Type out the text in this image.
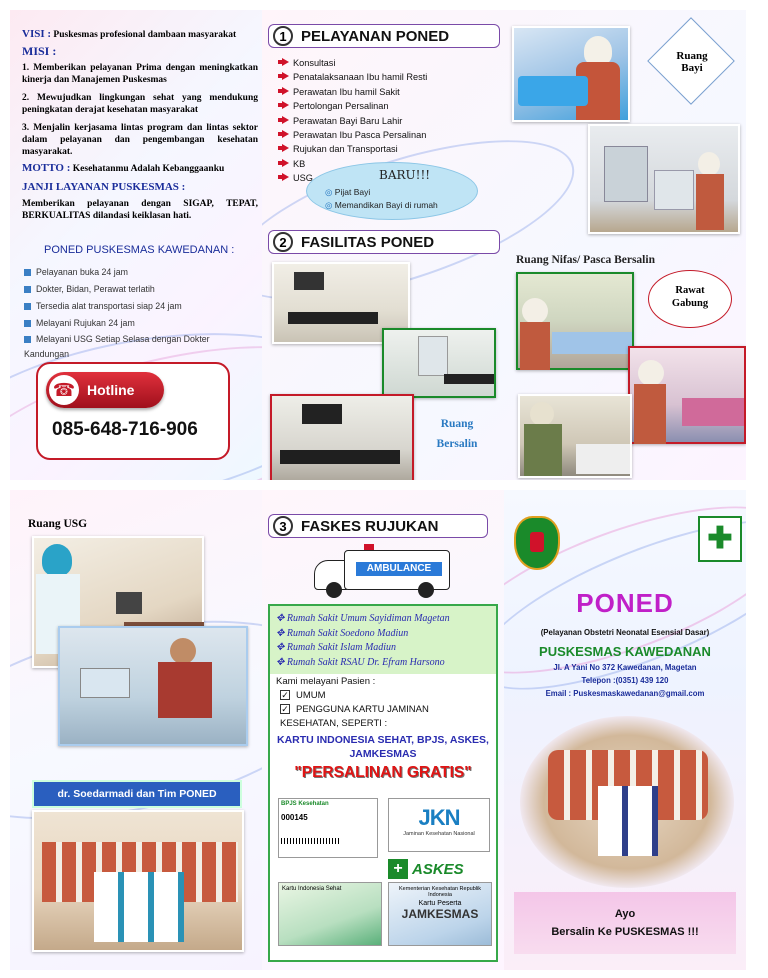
VISI : Puskesmas profesional dambaan masyarakat
MISI :

1. Memberikan pelayanan Prima dengan meningkatkan kinerja dan Manajemen Puskesmas

2. Mewujudkan lingkungan sehat yang mendukung peningkatan derajat kesehatan masyarakat

3. Menjalin kerjasama lintas program dan lintas sektor dalam pelayanan dan pengembangan kesehatan masyarakat.

MOTTO : Kesehatanmu Adalah Kebanggaanku
JANJI LAYANAN PUSKESMAS :
Memberikan pelayanan dengan SIGAP, TEPAT, BERKUALITAS dilandasi keiklasan hati.
PONED PUSKESMAS KAWEDANAN :
Pelayanan buka 24 jam
Dokter, Bidan, Perawat terlatih
Tersedia alat transportasi siap 24 jam
Melayani Rujukan 24 jam
Melayani USG Setiap Selasa dengan Dokter Kandungan
☎ Hotline
085-648-716-906
1 PELAYANAN PONED
Konsultasi
Penatalaksanaan Ibu hamil Resti
Perawatan Ibu hamil Sakit
Pertolongan Persalinan
Perawatan Bayi Baru Lahir
Perawatan Ibu Pasca Persalinan
Rujukan dan Transportasi
KB
USG	BARU!!!
◎ Pijat Bayi
◎ Memandikan Bayi di rumah
Ruang Bayi
2 FASILITAS PONED
Ruang Bersalin
Ruang Nifas/ Pasca Bersalin
Rawat Gabung
Ruang USG
dr. Soedarmadi dan Tim PONED
3 FASKES RUJUKAN
AMBULANCE
✥ Rumah Sakit Umum Sayidiman Magetan
✥ Rumah Sakit Soedono Madiun
✥ Rumah Sakit Islam Madiun
✥ Rumah Sakit RSAU Dr. Efram Harsono
Kami melayani Pasien :
✓ UMUM
✓ PENGGUNA KARTU JAMINAN KESEHATAN, SEPERTI :
KARTU INDONESIA SEHAT, BPJS, ASKES, JAMKESMAS
"PERSALINAN GRATIS"
BPJS Kesehatan
000145	JKN
Jaminan Kesehatan Nasional
+ ASKES
Kartu Indonesia Sehat	Kementerian Kesehatan Republik Indonesia
Kartu Peserta
JAMKESMAS
✚
PONED
(Pelayanan Obstetri Neonatal Esensial Dasar)
PUSKESMAS KAWEDANAN
Jl. A Yani No 372 Kawedanan, Magetan
Telepon :(0351) 439 120
Email : Puskesmaskawedanan@gmail.com
Ayo
Bersalin Ke PUSKESMAS !!!
